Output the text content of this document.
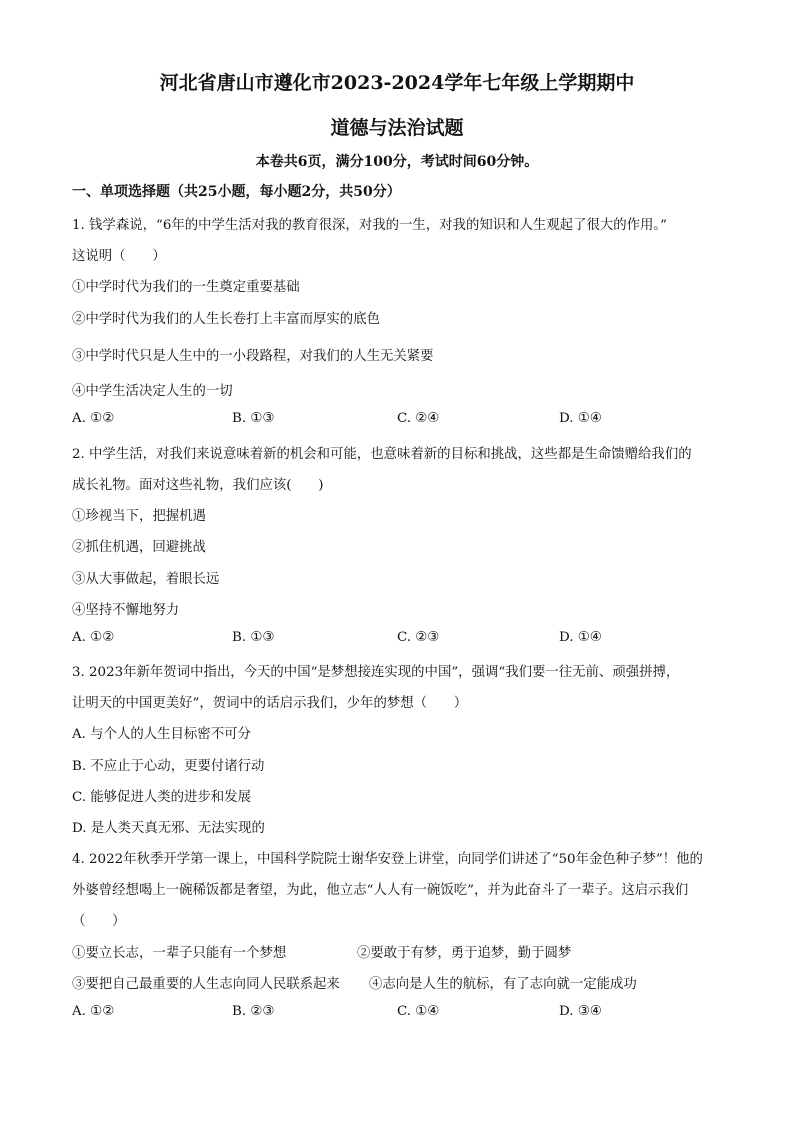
河北省唐山市遵化市2023-2024学年七年级上学期期中
道德与法治试题
本卷共6页，满分100分，考试时间60分钟。
一、单项选择题（共25小题，每小题2分，共50分）
1. 钱学森说，“6年的中学生活对我的教育很深，对我的一生，对我的知识和人生观起了很大的作用。”
这说明（　　）
①中学时代为我们的一生奠定重要基础
②中学时代为我们的人生长卷打上丰富而厚实的底色
③中学时代只是人生中的一小段路程，对我们的人生无关紧要
④中学生活决定人生的一切
A. ①②	B. ①③	C. ②④	D. ①④
2. 中学生活，对我们来说意味着新的机会和可能，也意味着新的目标和挑战，这些都是生命馈赠给我们的
成长礼物。面对这些礼物，我们应该(　　)
①珍视当下，把握机遇
②抓住机遇，回避挑战
③从大事做起，着眼长远
④坚持不懈地努力
A. ①②	B. ①③	C. ②③	D. ①④
3. 2023年新年贺词中指出，今天的中国“是梦想接连实现的中国”，强调“我们要一往无前、顽强拼搏，
让明天的中国更美好”，贺词中的话启示我们，少年的梦想（　　）
A. 与个人的人生目标密不可分
B. 不应止于心动，更要付诸行动
C. 能够促进人类的进步和发展
D. 是人类天真无邪、无法实现的
4. 2022年秋季开学第一课上，中国科学院院士谢华安登上讲堂，向同学们讲述了“50年金色种子梦”！他的
外婆曾经想喝上一碗稀饭都是奢望，为此，他立志“人人有一碗饭吃”，并为此奋斗了一辈子。这启示我们
（　　）
①要立长志，一辈子只能有一个梦想	②要敢于有梦，勇于追梦，勤于圆梦
③要把自己最重要的人生志向同人民联系起来 ④志向是人生的航标，有了志向就一定能成功
A. ①②	B. ②③	C. ①④	D. ③④
